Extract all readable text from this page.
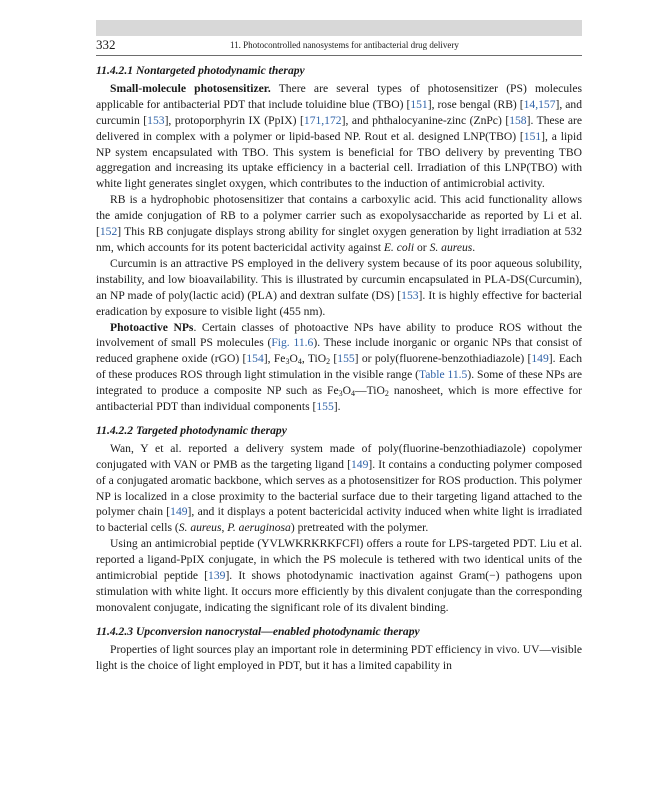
332	11. Photocontrolled nanosystems for antibacterial drug delivery
11.4.2.1 Nontargeted photodynamic therapy

Small-molecule photosensitizer. There are several types of photosensitizer (PS) molecules applicable for antibacterial PDT that include toluidine blue (TBO) [151], rose bengal (RB) [14,157], and curcumin [153], protoporphyrin IX (PpIX) [171,172], and phthalocyanine-zinc (ZnPc) [158]. These are delivered in complex with a polymer or lipid-based NP. Rout et al. designed LNP(TBO) [151], a lipid NP system encapsulated with TBO. This system is beneficial for TBO delivery by preventing TBO aggregation and increasing its uptake efficiency in a bacterial cell. Irradiation of this LNP(TBO) with white light generates singlet oxygen, which contributes to the induction of antimicrobial activity.

RB is a hydrophobic photosensitizer that contains a carboxylic acid. This acid functionality allows the amide conjugation of RB to a polymer carrier such as exopolysaccharide as reported by Li et al. [152] This RB conjugate displays strong ability for singlet oxygen generation by light irradiation at 532 nm, which accounts for its potent bactericidal activity against E. coli or S. aureus.

Curcumin is an attractive PS employed in the delivery system because of its poor aqueous solubility, instability, and low bioavailability. This is illustrated by curcumin encapsulated in PLA-DS(Curcumin), an NP made of poly(lactic acid) (PLA) and dextran sulfate (DS) [153]. It is highly effective for bacterial eradication by exposure to visible light (455 nm).

Photoactive NPs. Certain classes of photoactive NPs have ability to produce ROS without the involvement of small PS molecules (Fig. 11.6). These include inorganic or organic NPs that consist of reduced graphene oxide (rGO) [154], $Fe_3O_4$, TiO$_2$ [155] or poly(fluorene-benzothiadiazole) [149]. Each of these produces ROS through light stimulation in the visible range (Table 11.5). Some of these NPs are integrated to produce a composite NP such as $Fe_3O_4—TiO_2$ nanosheet, which is more effective for antibacterial PDT than individual components [155].

11.4.2.2 Targeted photodynamic therapy

Wan, Y et al. reported a delivery system made of poly(fluorine-benzothiadiazole) copolymer conjugated with VAN or PMB as the targeting ligand [149]. It contains a conducting polymer composed of a conjugated aromatic backbone, which serves as a photosensitizer for ROS production. This polymer NP is localized in a close proximity to the bacterial surface due to their targeting ligand attached to the polymer chain [149], and it displays a potent bactericidal activity induced when white light is irradiated to bacterial cells (S. aureus, P. aeruginosa) pretreated with the polymer.

Using an antimicrobial peptide (YVLWKRKRKFCFl) offers a route for LPS-targeted PDT. Liu et al. reported a ligand-PpIX conjugate, in which the PS molecule is tethered with two identical units of the antimicrobial peptide [139]. It shows photodynamic inactivation against Gram(−) pathogens upon stimulation with white light. It occurs more efficiently by this divalent conjugate than the corresponding monovalent conjugate, indicating the significant role of its divalent binding.

11.4.2.3 Upconversion nanocrystal—enabled photodynamic therapy

Properties of light sources play an important role in determining PDT efficiency in vivo. UV—visible light is the choice of light employed in PDT, but it has a limited capability in
